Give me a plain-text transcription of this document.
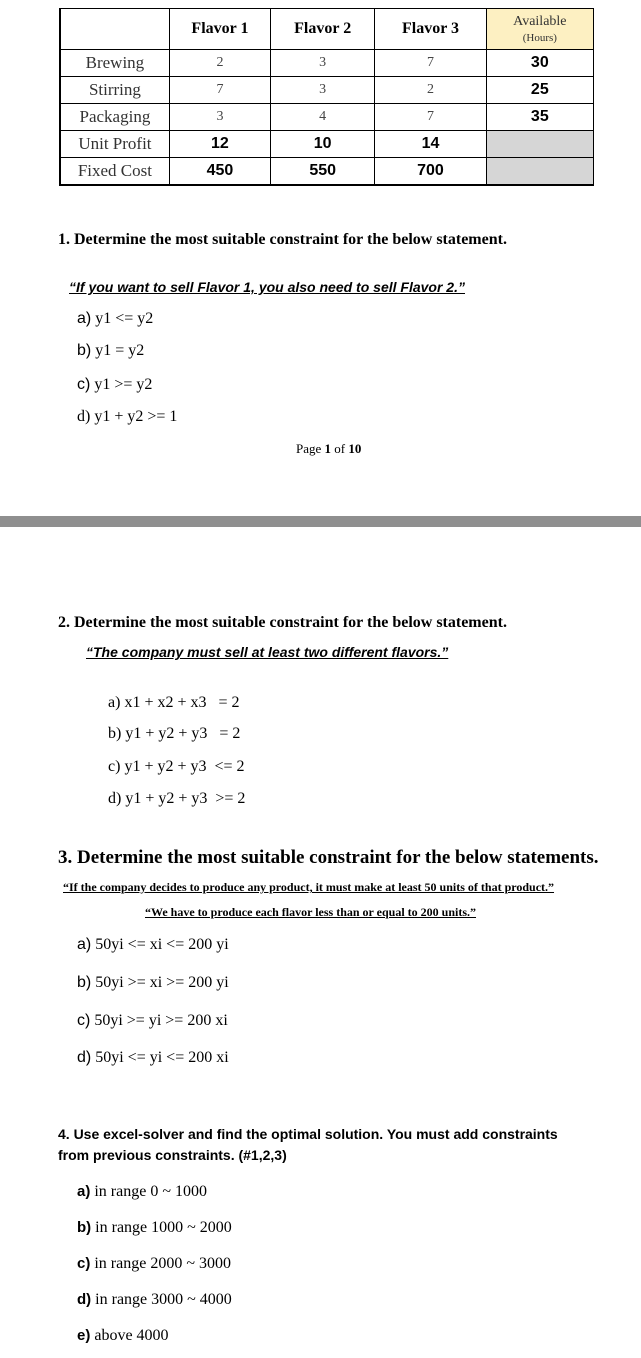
	Flavor 1	Flavor 2	Flavor 3	Available
(Hours)

Brewing	2	3	7	30
Stirring	7	3	2	25
Packaging	3	4	7	35
Unit Profit	12	10	14	
Fixed Cost	450	550	700	
1. Determine the most suitable constraint for the below statement.
“If you want to sell Flavor 1, you also need to sell Flavor 2.”
a) y1 <= y2
b) y1 = y2
c) y1 >= y2
d) y1 + y2 >= 1
Page 1 of 10
2. Determine the most suitable constraint for the below statement.
“The company must sell at least two different flavors.”

a) x1 + x2 + x3   = 2

b) y1 + y2 + y3   = 2

c) y1 + y2 + y3  <= 2

d) y1 + y2 + y3  >= 2

3. Determine the most suitable constraint for the below statements.
“If the company decides to produce any product, it must make at least 50 units of that product.”
“We have to produce each flavor less than or equal to 200 units.”
a) 50yi <= xi <= 200 yi
b) 50yi >= xi >= 200 yi
c) 50yi >= yi >= 200 xi
d) 50yi <= yi <= 200 xi
4. Use excel-solver and find the optimal solution. You must add constraints
from previous constraints. (#1,2,3)
a) in range 0 ~ 1000
b) in range 1000 ~ 2000
c) in range 2000 ~ 3000
d) in range 3000 ~ 4000
e) above 4000
